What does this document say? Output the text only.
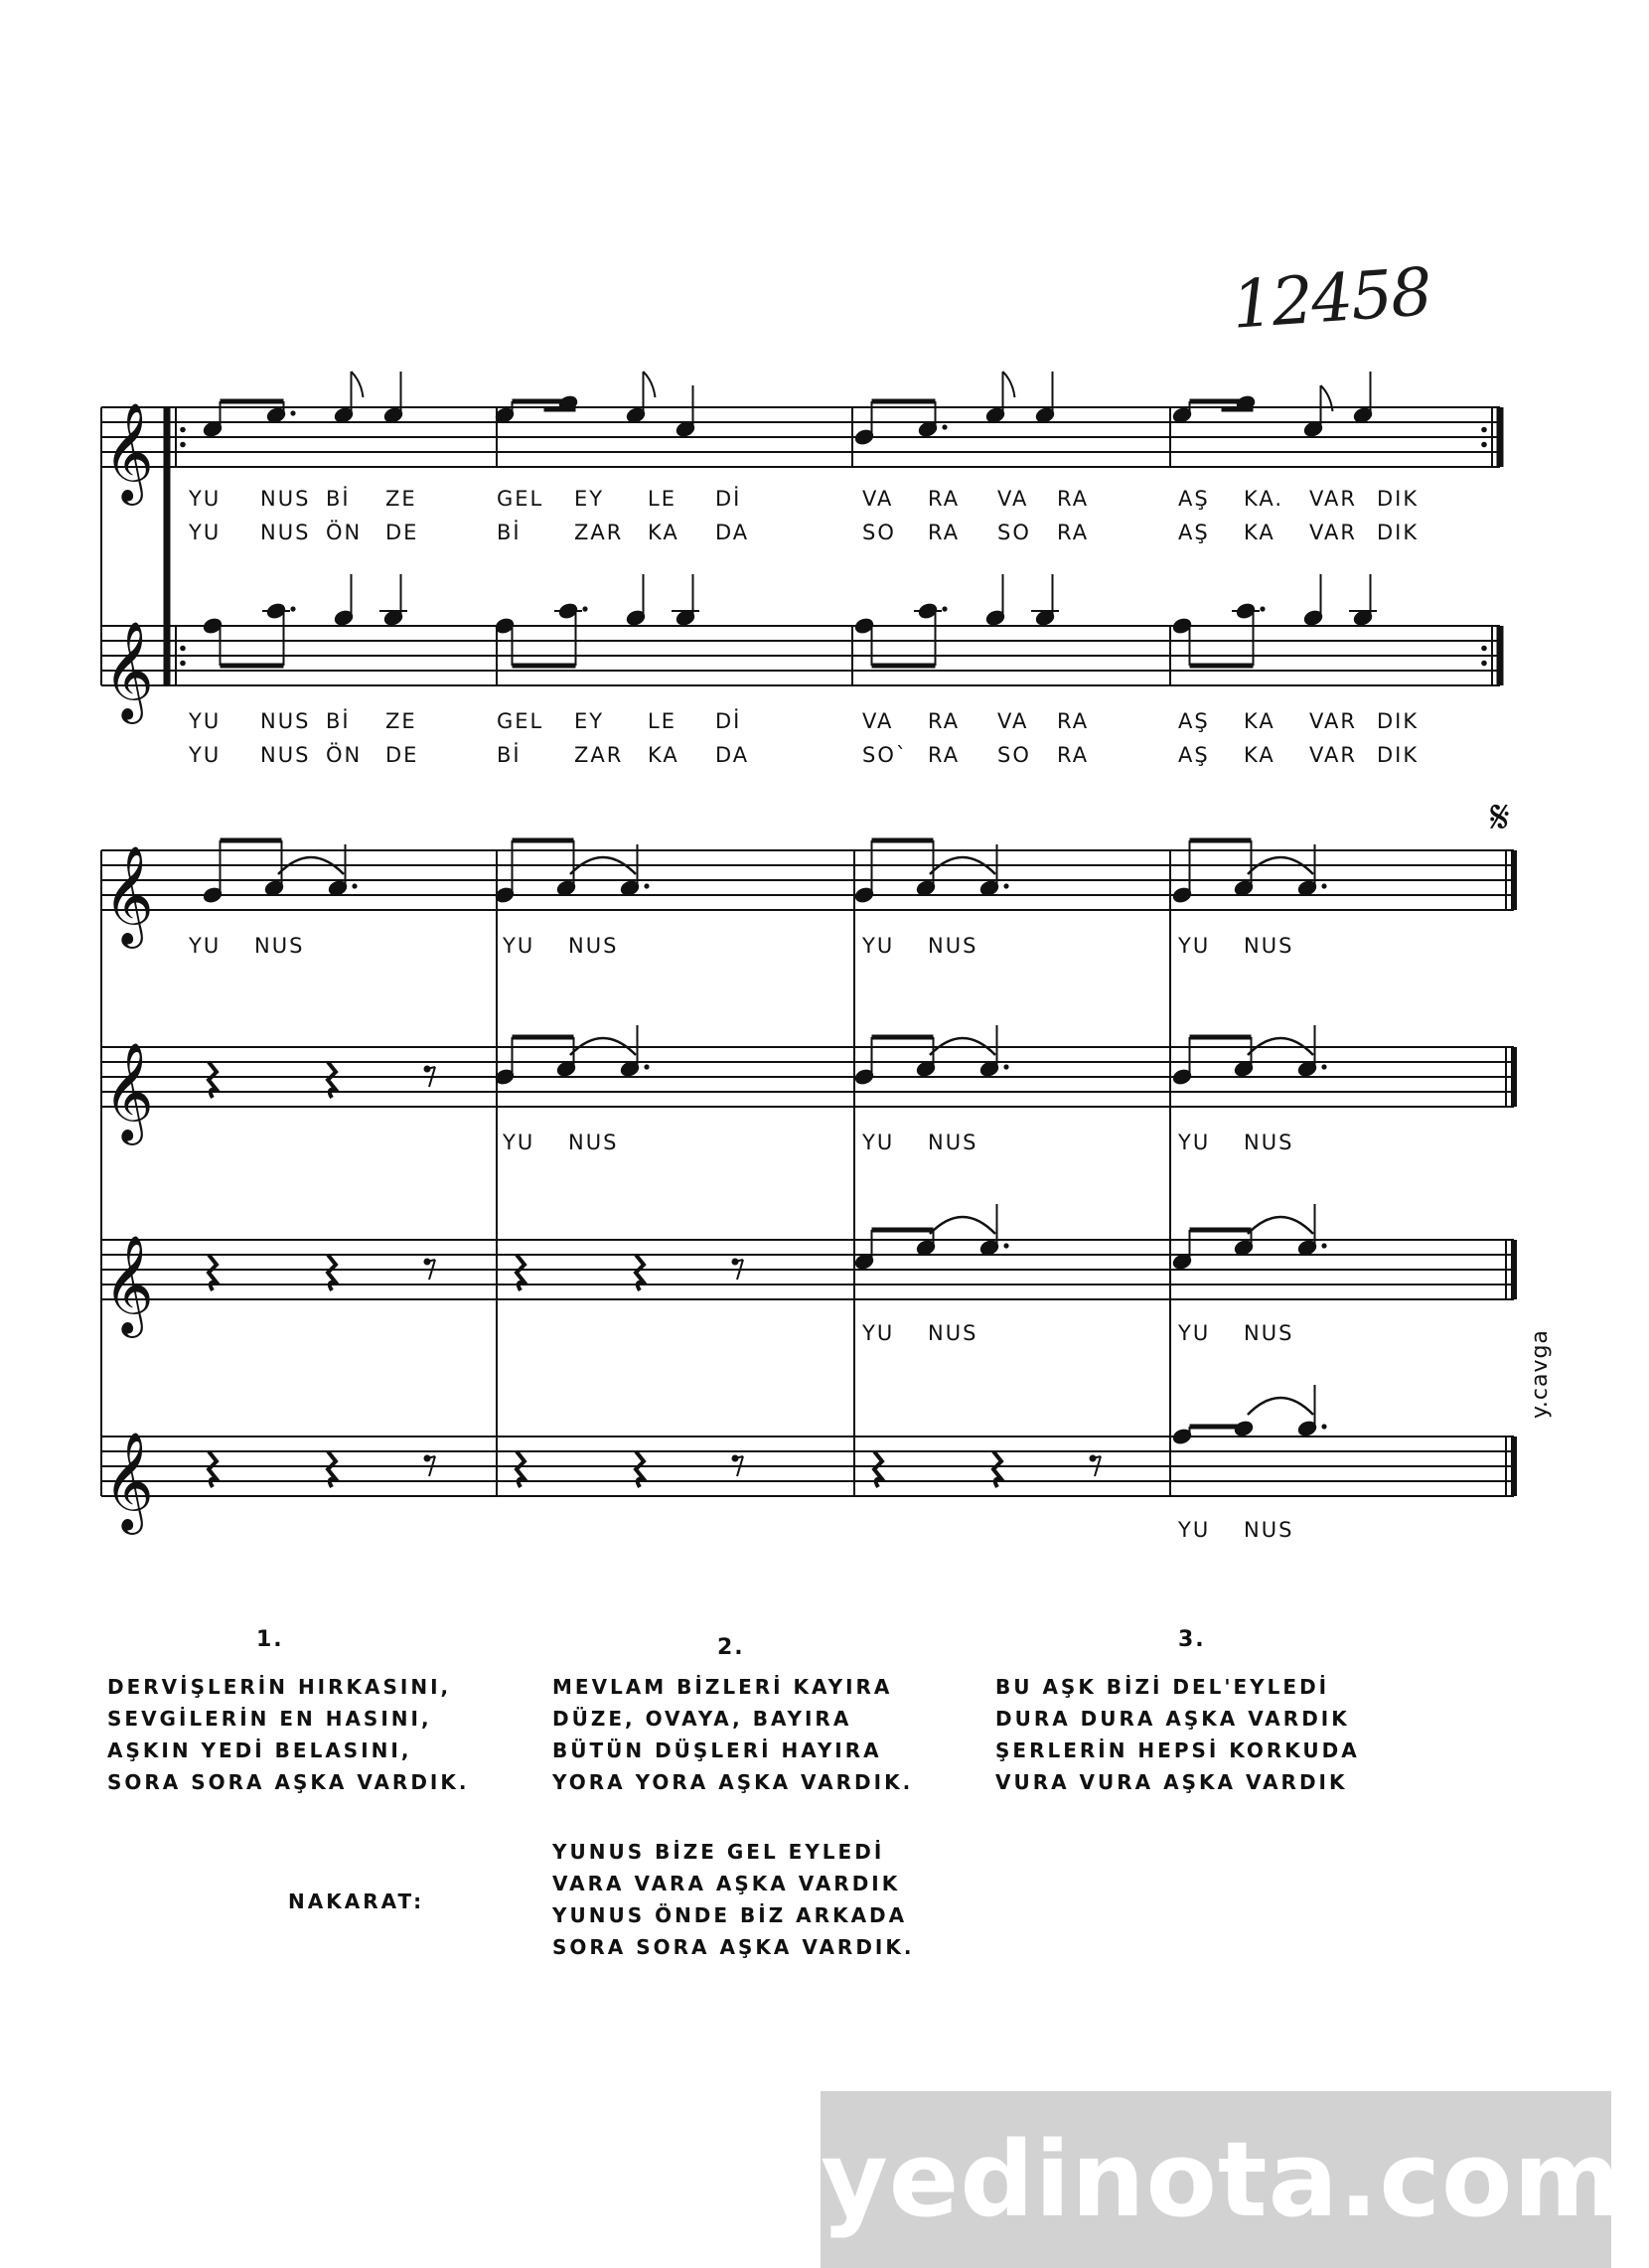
𝄞
𝄞
𝄞
𝄞
𝄞
𝄞
𝄋
12458
YU NUS Bİ ZE	GEL EY LE Dİ	VA RA VA RA	AŞ KA. VAR DIK
YU NUS ÖN DE	Bİ	ZAR KA DA	SO RA SO RA	AŞ KA VAR DIK
YU NUS Bİ ZE	GEL EY LE Dİ	VA RA VA RA	AŞ KA VAR DIK
YU NUS ÖN DE	Bİ	ZAR KA DA	SO` RA SO RA	AŞ KA VAR DIK
YU NUS	YU NUS	YU NUS	YU NUS
YU NUS	YU NUS	YU NUS
YU NUS	YU NUS
YU NUS
y.cavga
1.	2.	3.
DERVİŞLERİN HIRKASINI,
SEVGİLERİN EN HASINI,
AŞKIN YEDİ BELASINI,
SORA SORA AŞKA VARDIK.
MEVLAM BİZLERİ KAYIRA
DÜZE, OVAYA, BAYIRA
BÜTÜN DÜŞLERİ HAYIRA
YORA YORA AŞKA VARDIK.
BU AŞK BİZİ DEL'EYLEDİ
DURA DURA AŞKA VARDIK
ŞERLERİN HEPSİ KORKUDA
VURA VURA AŞKA VARDIK
NAKARAT:
YUNUS BİZE GEL EYLEDİ
VARA VARA AŞKA VARDIK
YUNUS ÖNDE BİZ ARKADA
SORA SORA AŞKA VARDIK.
yedinota.com
